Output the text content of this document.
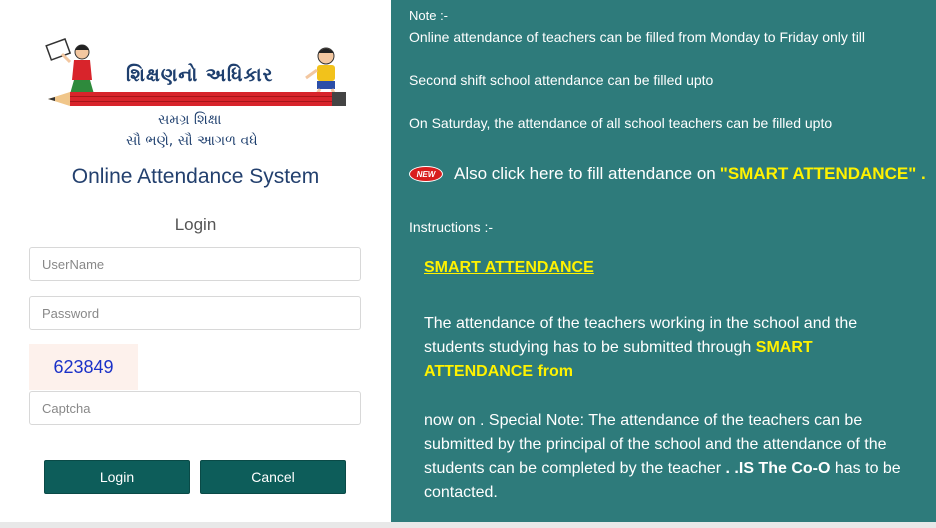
શિક્ષણનો અધિકાર
સમગ્ર શિક્ષા
સૌ ભણે, સૌ આગળ વધે
Online Attendance System
Login
UserName
623849
Captcha
Login	Cancel
Note :-
Online attendance of teachers can be filled from Monday to Friday only till
Second shift school attendance can be filled upto
On Saturday, the attendance of all school teachers can be filled upto
NEW	Also click here to fill attendance on "SMART ATTENDANCE" .
Instructions :-
SMART ATTENDANCE
The attendance of the teachers working in the school and the students studying has to be submitted through SMART ATTENDANCE from
now on . Special Note: The attendance of the teachers can be submitted by the principal of the school and the attendance of the students can be completed by the teacher . .IS The Co-O has to be contacted.
